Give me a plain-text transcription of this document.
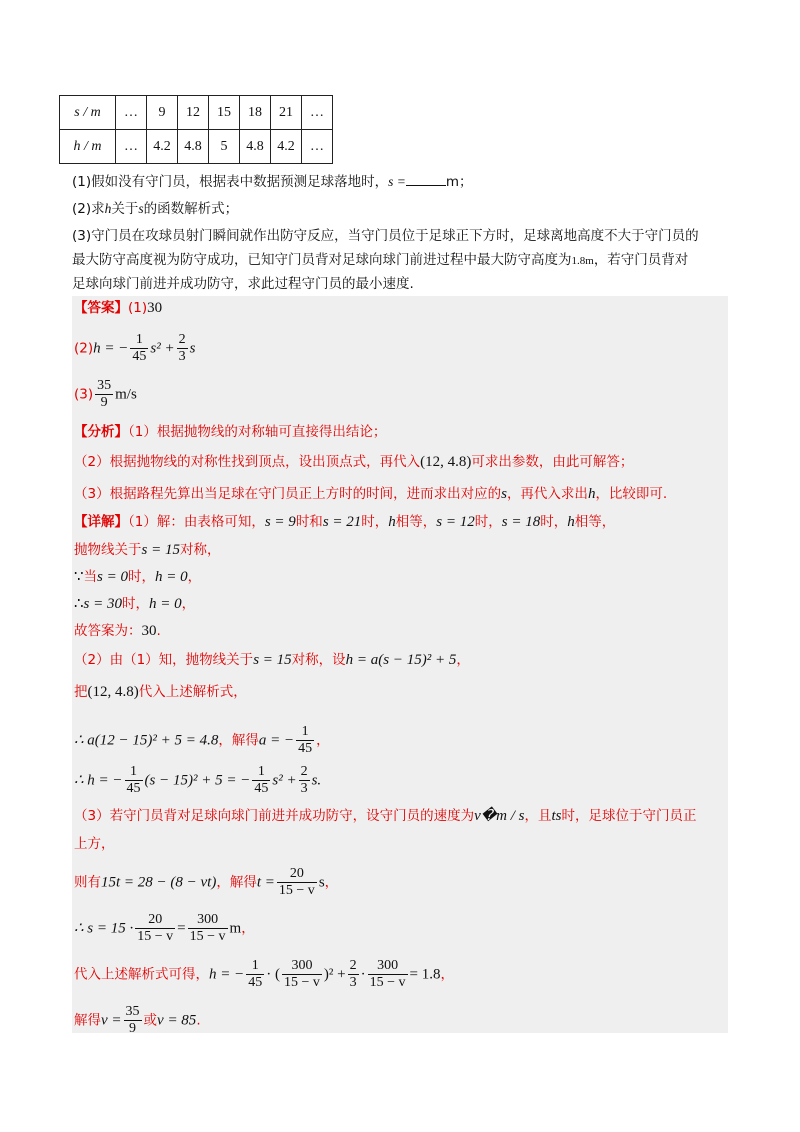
s / m	…	9	12	15	18	21	…
h / m	…	4.2	4.8	5	4.8	4.2	…
(1)假如没有守门员，根据表中数据预测足球落地时，s =	m；
(2)求h关于s的函数解析式；
(3)守门员在攻球员射门瞬间就作出防守反应，当守门员位于足球正下方时，足球离地高度不大于守门员的
最大防守高度视为防守成功，已知守门员背对足球向球门前进过程中最大防守高度为1.8m，若守门员背对
足球向球门前进并成功防守，求此过程守门员的最小速度.
【答案】(1)30
(2)h = − $\frac{1}{45} s^2 + \frac{2}{3}$ s
$(3) \frac{35}{9} m/s$
【分析】（1）根据抛物线的对称轴可直接得出结论；
（2）根据抛物线的对称性找到顶点，设出顶点式，再代入(12, 4.8)可求出参数，由此可解答；
（3）根据路程先算出当足球在守门员正上方时的时间，进而求出对应的s，再代入求出h，比较即可.
【详解】（1）解：由表格可知，s = 9时和s = 21时，h相等，s = 12时，s = 18时，h相等，
抛物线关于s = 15对称，
∵当s = 0时，h = 0，
∴s = 30时，h = 0，
故答案为：30.
（2）由（1）知，抛物线关于s = 15对称，设h = a(s − 15)² + 5，
把(12, 4.8)代入上述解析式，
∴ a(12 − 15)² + 5 = 4.8，解得a = − $\frac{1}{45}$ ，
∴ h = − $\frac{1}{45} (s - 15)^2 + 5$ = − $\frac{1}{45} s^2 + \frac{2}{3} s$.
（3）若守门员背对足球向球门前进并成功防守，设守门员的速度为v�m / s，且ts时，足球位于守门员正
上方，
则有15t = 28 − (8 − vt)，解得$t = \frac{20}{15 - v}$ s，
∴ $s = 15 \cdot \frac{20}{15 - v} = \frac{300}{15 - v}$ m，
代入上述解析式可得，h = − $\frac{1}{45}$ · ( $\frac{300}{15 - v} )^2 + \frac{2}{3} \cdot \frac{300}{15 - v} = 1.8$，
解得$v = \frac{35}{9}$ 或v = 85.
